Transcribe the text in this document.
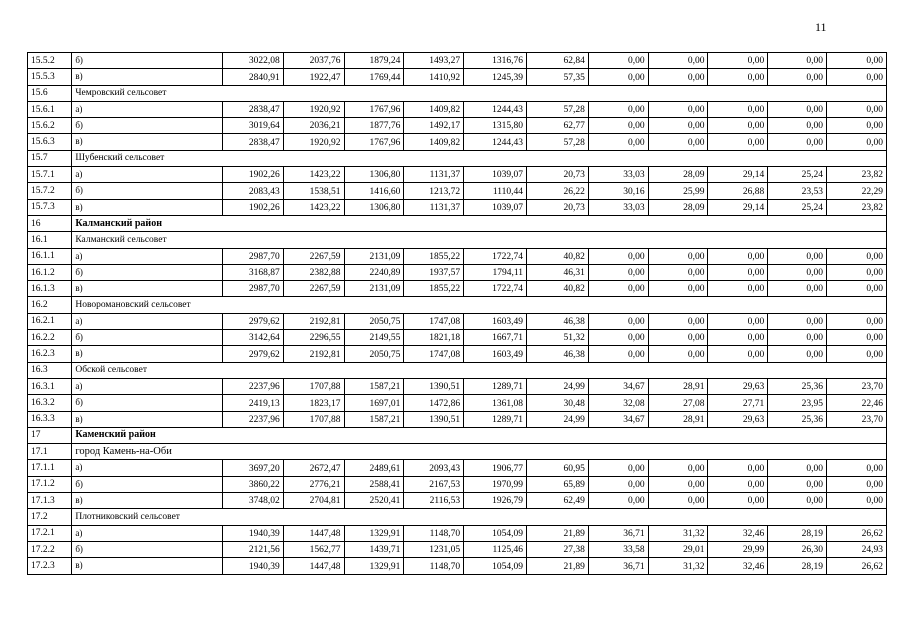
11
15.5.2	б)	3022,08	2037,76	1879,24	1493,27	1316,76	62,84	0,00	0,00	0,00	0,00	0,00
15.5.3	в)	2840,91	1922,47	1769,44	1410,92	1245,39	57,35	0,00	0,00	0,00	0,00	0,00
15.6	Чемровский сельсовет											
15.6.1	а)	2838,47	1920,92	1767,96	1409,82	1244,43	57,28	0,00	0,00	0,00	0,00	0,00
15.6.2	б)	3019,64	2036,21	1877,76	1492,17	1315,80	62,77	0,00	0,00	0,00	0,00	0,00
15.6.3	в)	2838,47	1920,92	1767,96	1409,82	1244,43	57,28	0,00	0,00	0,00	0,00	0,00
15.7	Шубенский сельсовет											
15.7.1	а)	1902,26	1423,22	1306,80	1131,37	1039,07	20,73	33,03	28,09	29,14	25,24	23,82
15.7.2	б)	2083,43	1538,51	1416,60	1213,72	1110,44	26,22	30,16	25,99	26,88	23,53	22,29
15.7.3	в)	1902,26	1423,22	1306,80	1131,37	1039,07	20,73	33,03	28,09	29,14	25,24	23,82
16	Калманский район											
16.1	Калманский сельсовет											
16.1.1	а)	2987,70	2267,59	2131,09	1855,22	1722,74	40,82	0,00	0,00	0,00	0,00	0,00
16.1.2	б)	3168,87	2382,88	2240,89	1937,57	1794,11	46,31	0,00	0,00	0,00	0,00	0,00
16.1.3	в)	2987,70	2267,59	2131,09	1855,22	1722,74	40,82	0,00	0,00	0,00	0,00	0,00
16.2	Новоромановский сельсовет											
16.2.1	а)	2979,62	2192,81	2050,75	1747,08	1603,49	46,38	0,00	0,00	0,00	0,00	0,00
16.2.2	б)	3142,64	2296,55	2149,55	1821,18	1667,71	51,32	0,00	0,00	0,00	0,00	0,00
16.2.3	в)	2979,62	2192,81	2050,75	1747,08	1603,49	46,38	0,00	0,00	0,00	0,00	0,00
16.3	Обской сельсовет											
16.3.1	а)	2237,96	1707,88	1587,21	1390,51	1289,71	24,99	34,67	28,91	29,63	25,36	23,70
16.3.2	б)	2419,13	1823,17	1697,01	1472,86	1361,08	30,48	32,08	27,08	27,71	23,95	22,46
16.3.3	в)	2237,96	1707,88	1587,21	1390,51	1289,71	24,99	34,67	28,91	29,63	25,36	23,70
17	Каменский район											
17.1	город Камень-на-Оби											
17.1.1	а)	3697,20	2672,47	2489,61	2093,43	1906,77	60,95	0,00	0,00	0,00	0,00	0,00
17.1.2	б)	3860,22	2776,21	2588,41	2167,53	1970,99	65,89	0,00	0,00	0,00	0,00	0,00
17.1.3	в)	3748,02	2704,81	2520,41	2116,53	1926,79	62,49	0,00	0,00	0,00	0,00	0,00
17.2	Плотниковский сельсовет											
17.2.1	а)	1940,39	1447,48	1329,91	1148,70	1054,09	21,89	36,71	31,32	32,46	28,19	26,62
17.2.2	б)	2121,56	1562,77	1439,71	1231,05	1125,46	27,38	33,58	29,01	29,99	26,30	24,93
17.2.3	в)	1940,39	1447,48	1329,91	1148,70	1054,09	21,89	36,71	31,32	32,46	28,19	26,62
